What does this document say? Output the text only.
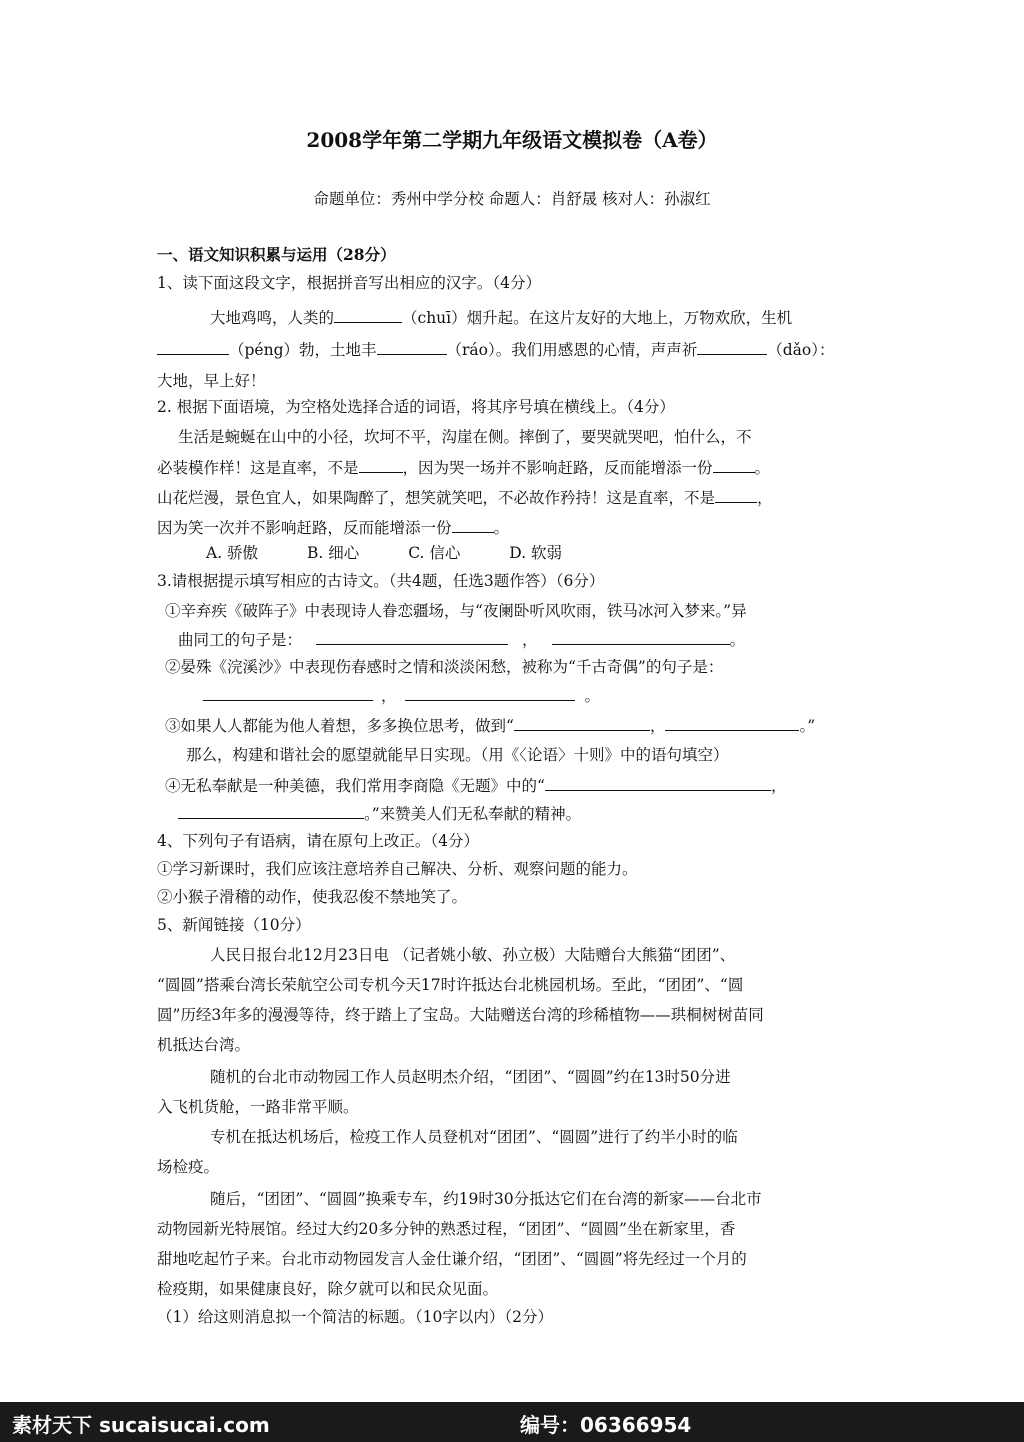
2008学年第二学期九年级语文模拟卷（A卷）
命题单位：秀州中学分校 命题人：肖舒晟 核对人：孙淑红
一、语文知识积累与运用（28分）
1、读下面这段文字，根据拼音写出相应的汉字。（4分）
大地鸡鸣，人类的	（chuī）烟升起。在这片友好的大地上，万物欢欣，生机
（péng）勃，土地丰	（ráo）。我们用感恩的心情，声声祈	（dǎo）：
大地，早上好！
2. 根据下面语境，为空格处选择合适的词语，将其序号填在横线上。（4分）
生活是蜿蜒在山中的小径，坎坷不平，沟崖在侧。摔倒了，要哭就哭吧，怕什么，不
必装模作样！这是直率，不是	，因为哭一场并不影响赶路，反而能增添一份	。
山花烂漫，景色宜人，如果陶醉了，想笑就笑吧，不必故作矜持！这是直率，不是	，
因为笑一次并不影响赶路，反而能增添一份	。
A. 骄傲	B. 细心	C. 信心	D. 软弱
3.请根据提示填写相应的古诗文。（共4题，任选3题作答）（6分）
①辛弃疾《破阵子》中表现诗人眷恋疆场，与“夜阑卧听风吹雨，铁马冰河入梦来。”异
曲同工的句子是：	，	。
②晏殊《浣溪沙》中表现伤春感时之情和淡淡闲愁，被称为“千古奇偶”的句子是：
，	。
③如果人人都能为他人着想，多多换位思考，做到“	，	。”
那么，构建和谐社会的愿望就能早日实现。（用《〈论语〉十则》中的语句填空）
④无私奉献是一种美德，我们常用李商隐《无题》中的“	，
。”来赞美人们无私奉献的精神。
4、下列句子有语病，请在原句上改正。（4分）
①学习新课时，我们应该注意培养自己解决、分析、观察问题的能力。
②小猴子滑稽的动作，使我忍俊不禁地笑了。
5、新闻链接（10分）
人民日报台北12月23日电 （记者姚小敏、孙立极）大陆赠台大熊猫“团团”、
“圆圆”搭乘台湾长荣航空公司专机今天17时许抵达台北桃园机场。至此，“团团”、“圆
圆”历经3年多的漫漫等待，终于踏上了宝岛。大陆赠送台湾的珍稀植物——珙桐树树苗同
机抵达台湾。
随机的台北市动物园工作人员赵明杰介绍，“团团”、“圆圆”约在13时50分进
入飞机货舱，一路非常平顺。
专机在抵达机场后，检疫工作人员登机对“团团”、“圆圆”进行了约半小时的临
场检疫。
随后，“团团”、“圆圆”换乘专车，约19时30分抵达它们在台湾的新家——台北市
动物园新光特展馆。经过大约20多分钟的熟悉过程，“团团”、“圆圆”坐在新家里，香
甜地吃起竹子来。台北市动物园发言人金仕谦介绍，“团团”、“圆圆”将先经过一个月的
检疫期，如果健康良好，除夕就可以和民众见面。
（1）给这则消息拟一个简洁的标题。（10字以内）（2分）
素材天下 sucaisucai.com	编号：06366954
